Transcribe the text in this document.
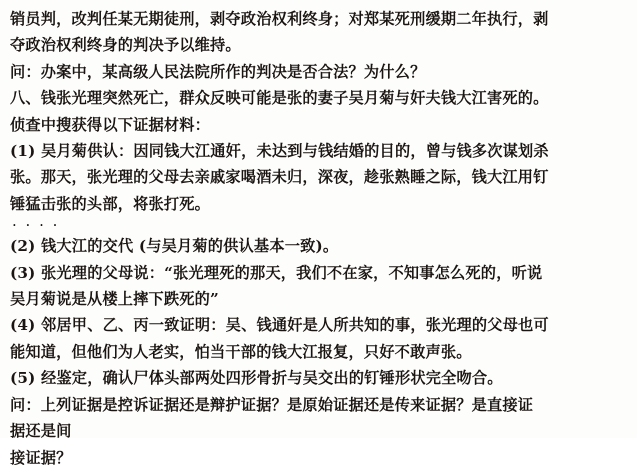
销员判，改判任某无期徒刑，剥夺政治权利终身；对郑某死刑缓期二年执行，剥
夺政治权利终身的判决予以维持。
问：办案中，某高级人民法院所作的判决是否合法？为什么？
八、钱张光理突然死亡，群众反映可能是张的妻子吴月菊与奸夫钱大江害死的。
侦查中搜获得以下证据材料：
(1) 吴月菊供认：因同钱大江通奸，未达到与钱结婚的目的，曾与钱多次谋划杀
张。那天，张光理的父母去亲戚家喝酒未归，深夜，趁张熟睡之际，钱大江用钉
锤猛击张的头部，将张打死。
· · · ·
(2) 钱大江的交代 (与吴月菊的供认基本一致)。
(3) 张光理的父母说：“张光理死的那天，我们不在家，不知事怎么死的，听说
吴月菊说是从楼上摔下跌死的”
(4) 邻居甲、乙、丙一致证明：吴、钱通奸是人所共知的事，张光理的父母也可
能知道，但他们为人老实，怕当干部的钱大江报复，只好不敢声张。
(5) 经鉴定，确认尸体头部两处四形骨折与吴交出的钉锤形状完全吻合。
问：上列证据是控诉证据还是辩护证据？是原始证据还是传来证据？是直接证
据还是间
接证据？
